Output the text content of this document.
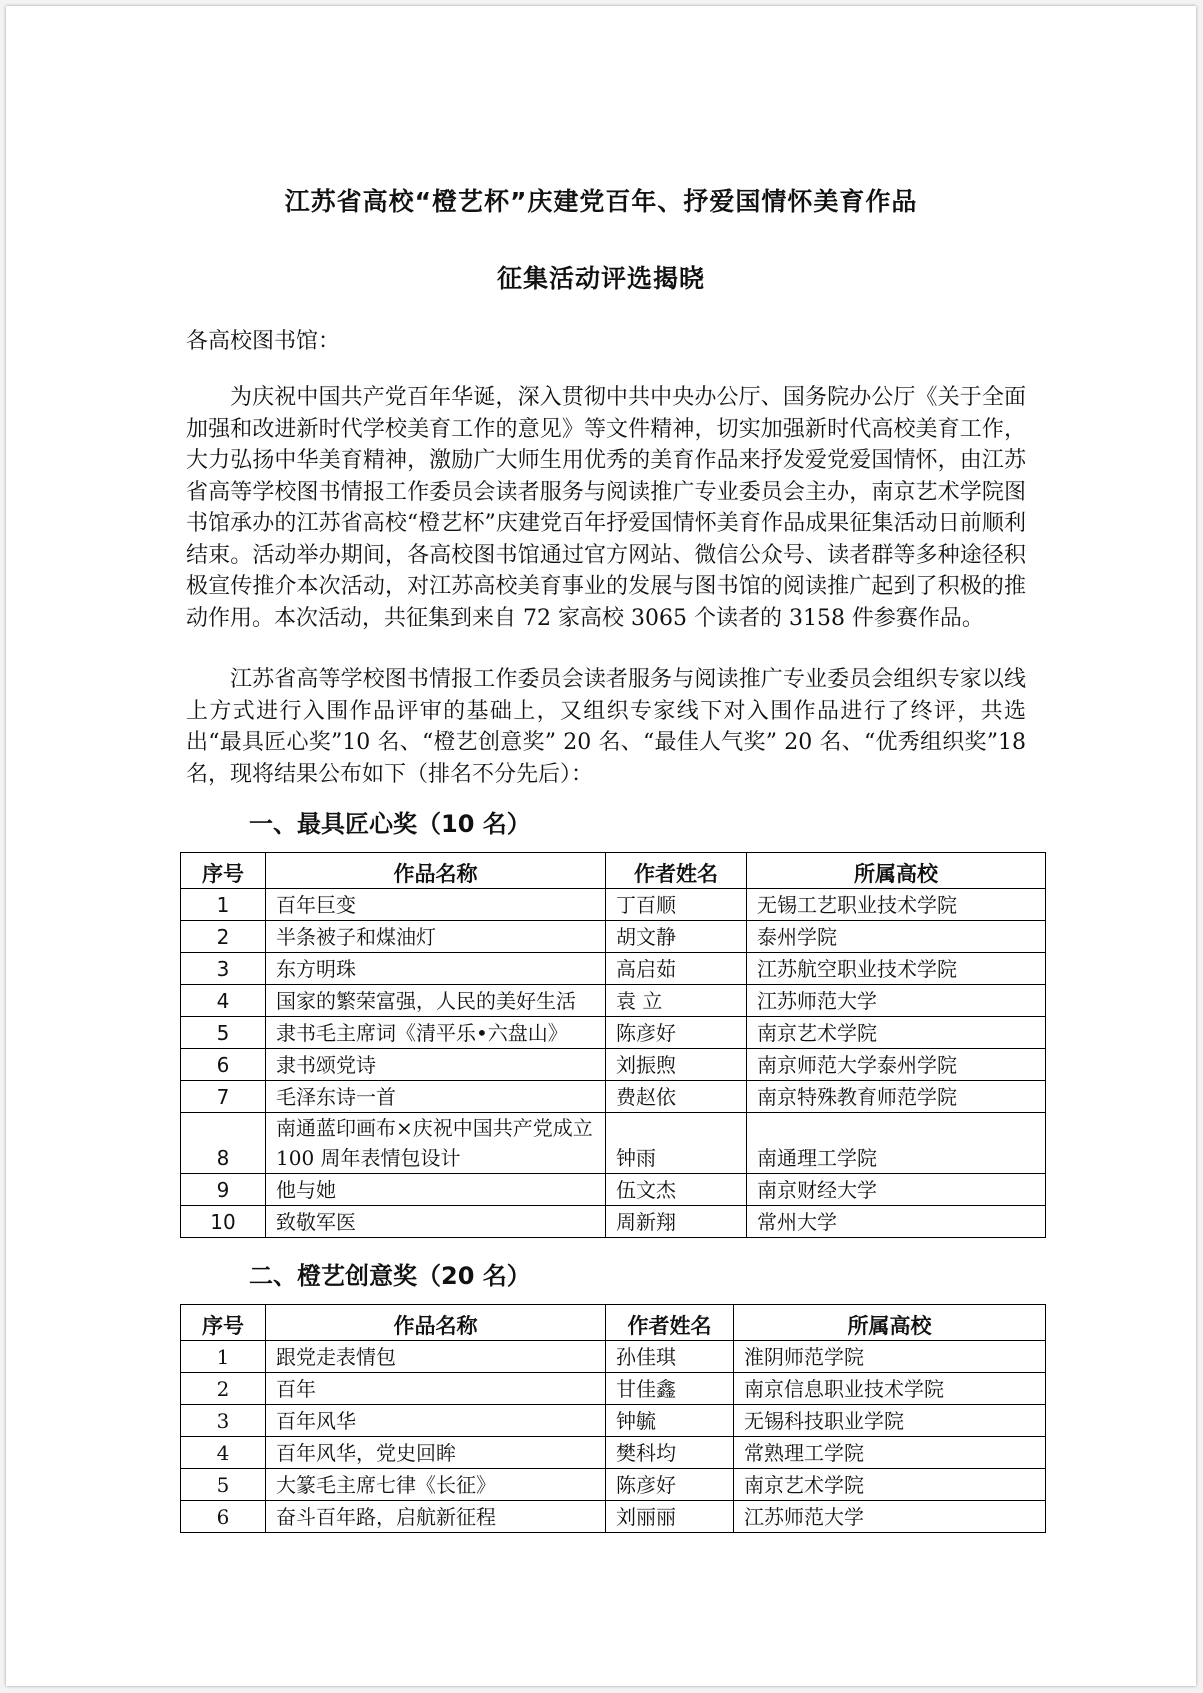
江苏省高校“橙艺杯”庆建党百年、抒爱国情怀美育作品
征集活动评选揭晓
各高校图书馆：

为庆祝中国共产党百年华诞，深入贯彻中共中央办公厅、国务院办公厅《关于全面加强和改进新时代学校美育工作的意见》等文件精神，切实加强新时代高校美育工作，大力弘扬中华美育精神，激励广大师生用优秀的美育作品来抒发爱党爱国情怀，由江苏省高等学校图书情报工作委员会读者服务与阅读推广专业委员会主办，南京艺术学院图书馆承办的江苏省高校“橙艺杯”庆建党百年抒爱国情怀美育作品成果征集活动日前顺利结束。活动举办期间，各高校图书馆通过官方网站、微信公众号、读者群等多种途径积极宣传推介本次活动，对江苏高校美育事业的发展与图书馆的阅读推广起到了积极的推动作用。本次活动，共征集到来自 72 家高校 3065 个读者的 3158 件参赛作品。

江苏省高等学校图书情报工作委员会读者服务与阅读推广专业委员会组织专家以线上方式进行入围作品评审的基础上，又组织专家线下对入围作品进行了终评，共选出“最具匠心奖”10 名、“橙艺创意奖” 20 名、“最佳人气奖” 20 名、“优秀组织奖”18 名，现将结果公布如下（排名不分先后）：

一、最具匠心奖（10 名）
序号	作品名称	作者姓名	所属高校
1	百年巨变	丁百顺	无锡工艺职业技术学院
2	半条被子和煤油灯	胡文静	泰州学院
3	东方明珠	高启茹	江苏航空职业技术学院
4	国家的繁荣富强，人民的美好生活	袁 立	江苏师范大学
5	隶书毛主席词《清平乐•六盘山》	陈彦好	南京艺术学院
6	隶书颂党诗	刘振煦	南京师范大学泰州学院
7	毛泽东诗一首	费赵依	南京特殊教育师范学院
8	南通蓝印画布×庆祝中国共产党成立 100 周年表情包设计	钟雨	南通理工学院
9	他与她	伍文杰	南京财经大学
10	致敬军医	周新翔	常州大学
二、橙艺创意奖（20 名）
序号	作品名称	作者姓名	所属高校
1	跟党走表情包	孙佳琪	淮阴师范学院
2	百年	甘佳鑫	南京信息职业技术学院
3	百年风华	钟毓	无锡科技职业学院
4	百年风华，党史回眸	樊科均	常熟理工学院
5	大篆毛主席七律《长征》	陈彦好	南京艺术学院
6	奋斗百年路，启航新征程	刘丽丽	江苏师范大学
